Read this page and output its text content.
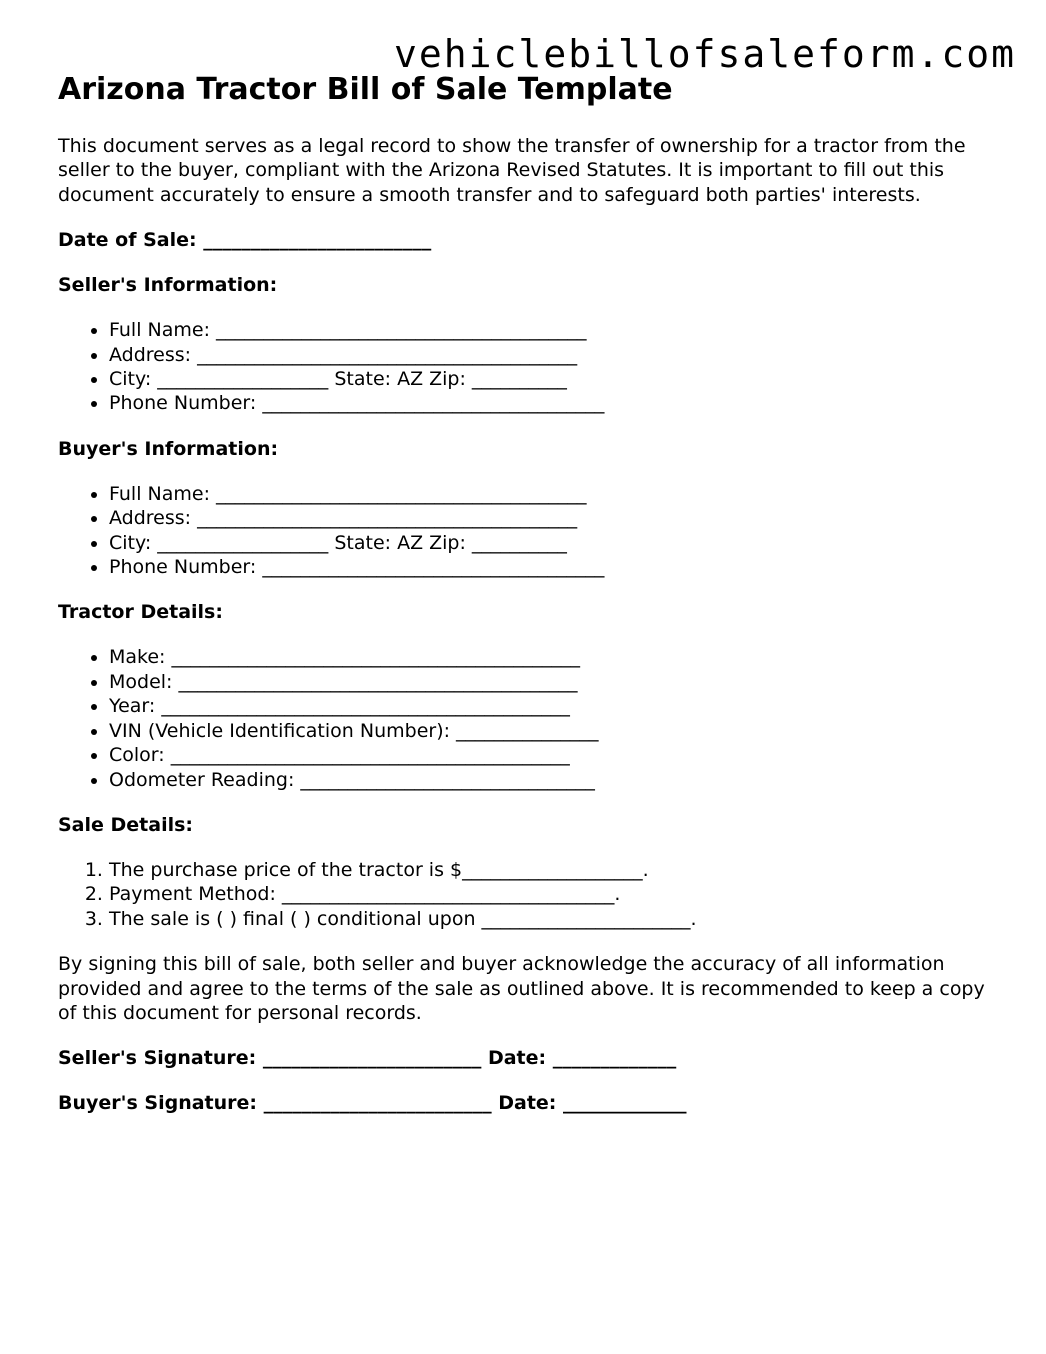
vehiclebillofsaleform.com
Arizona Tractor Bill of Sale Template

This document serves as a legal record to show the transfer of ownership for a tractor from the seller to the buyer, compliant with the Arizona Revised Statutes. It is important to fill out this document accurately to ensure a smooth transfer and to safeguard both parties' interests.

Date of Sale: ________________________

Seller's Information:

• Full Name: _______________________________________
• Address: ________________________________________
• City: __________________ State: AZ Zip: __________
• Phone Number: ____________________________________

Buyer's Information:

• Full Name: _______________________________________
• Address: ________________________________________
• City: __________________ State: AZ Zip: __________
• Phone Number: ____________________________________

Tractor Details:

• Make: ___________________________________________
• Model: __________________________________________
• Year: ___________________________________________
• VIN (Vehicle Identification Number): _______________
• Color: __________________________________________
• Odometer Reading: _______________________________

Sale Details:

1. The purchase price of the tractor is $___________________.
2. Payment Method: ___________________________________.
3. The sale is ( ) final ( ) conditional upon ______________________.

By signing this bill of sale, both seller and buyer acknowledge the accuracy of all information provided and agree to the terms of the sale as outlined above. It is recommended to keep a copy of this document for personal records.

Seller's Signature: _______________________ Date: _____________

Buyer's Signature: ________________________ Date: _____________
